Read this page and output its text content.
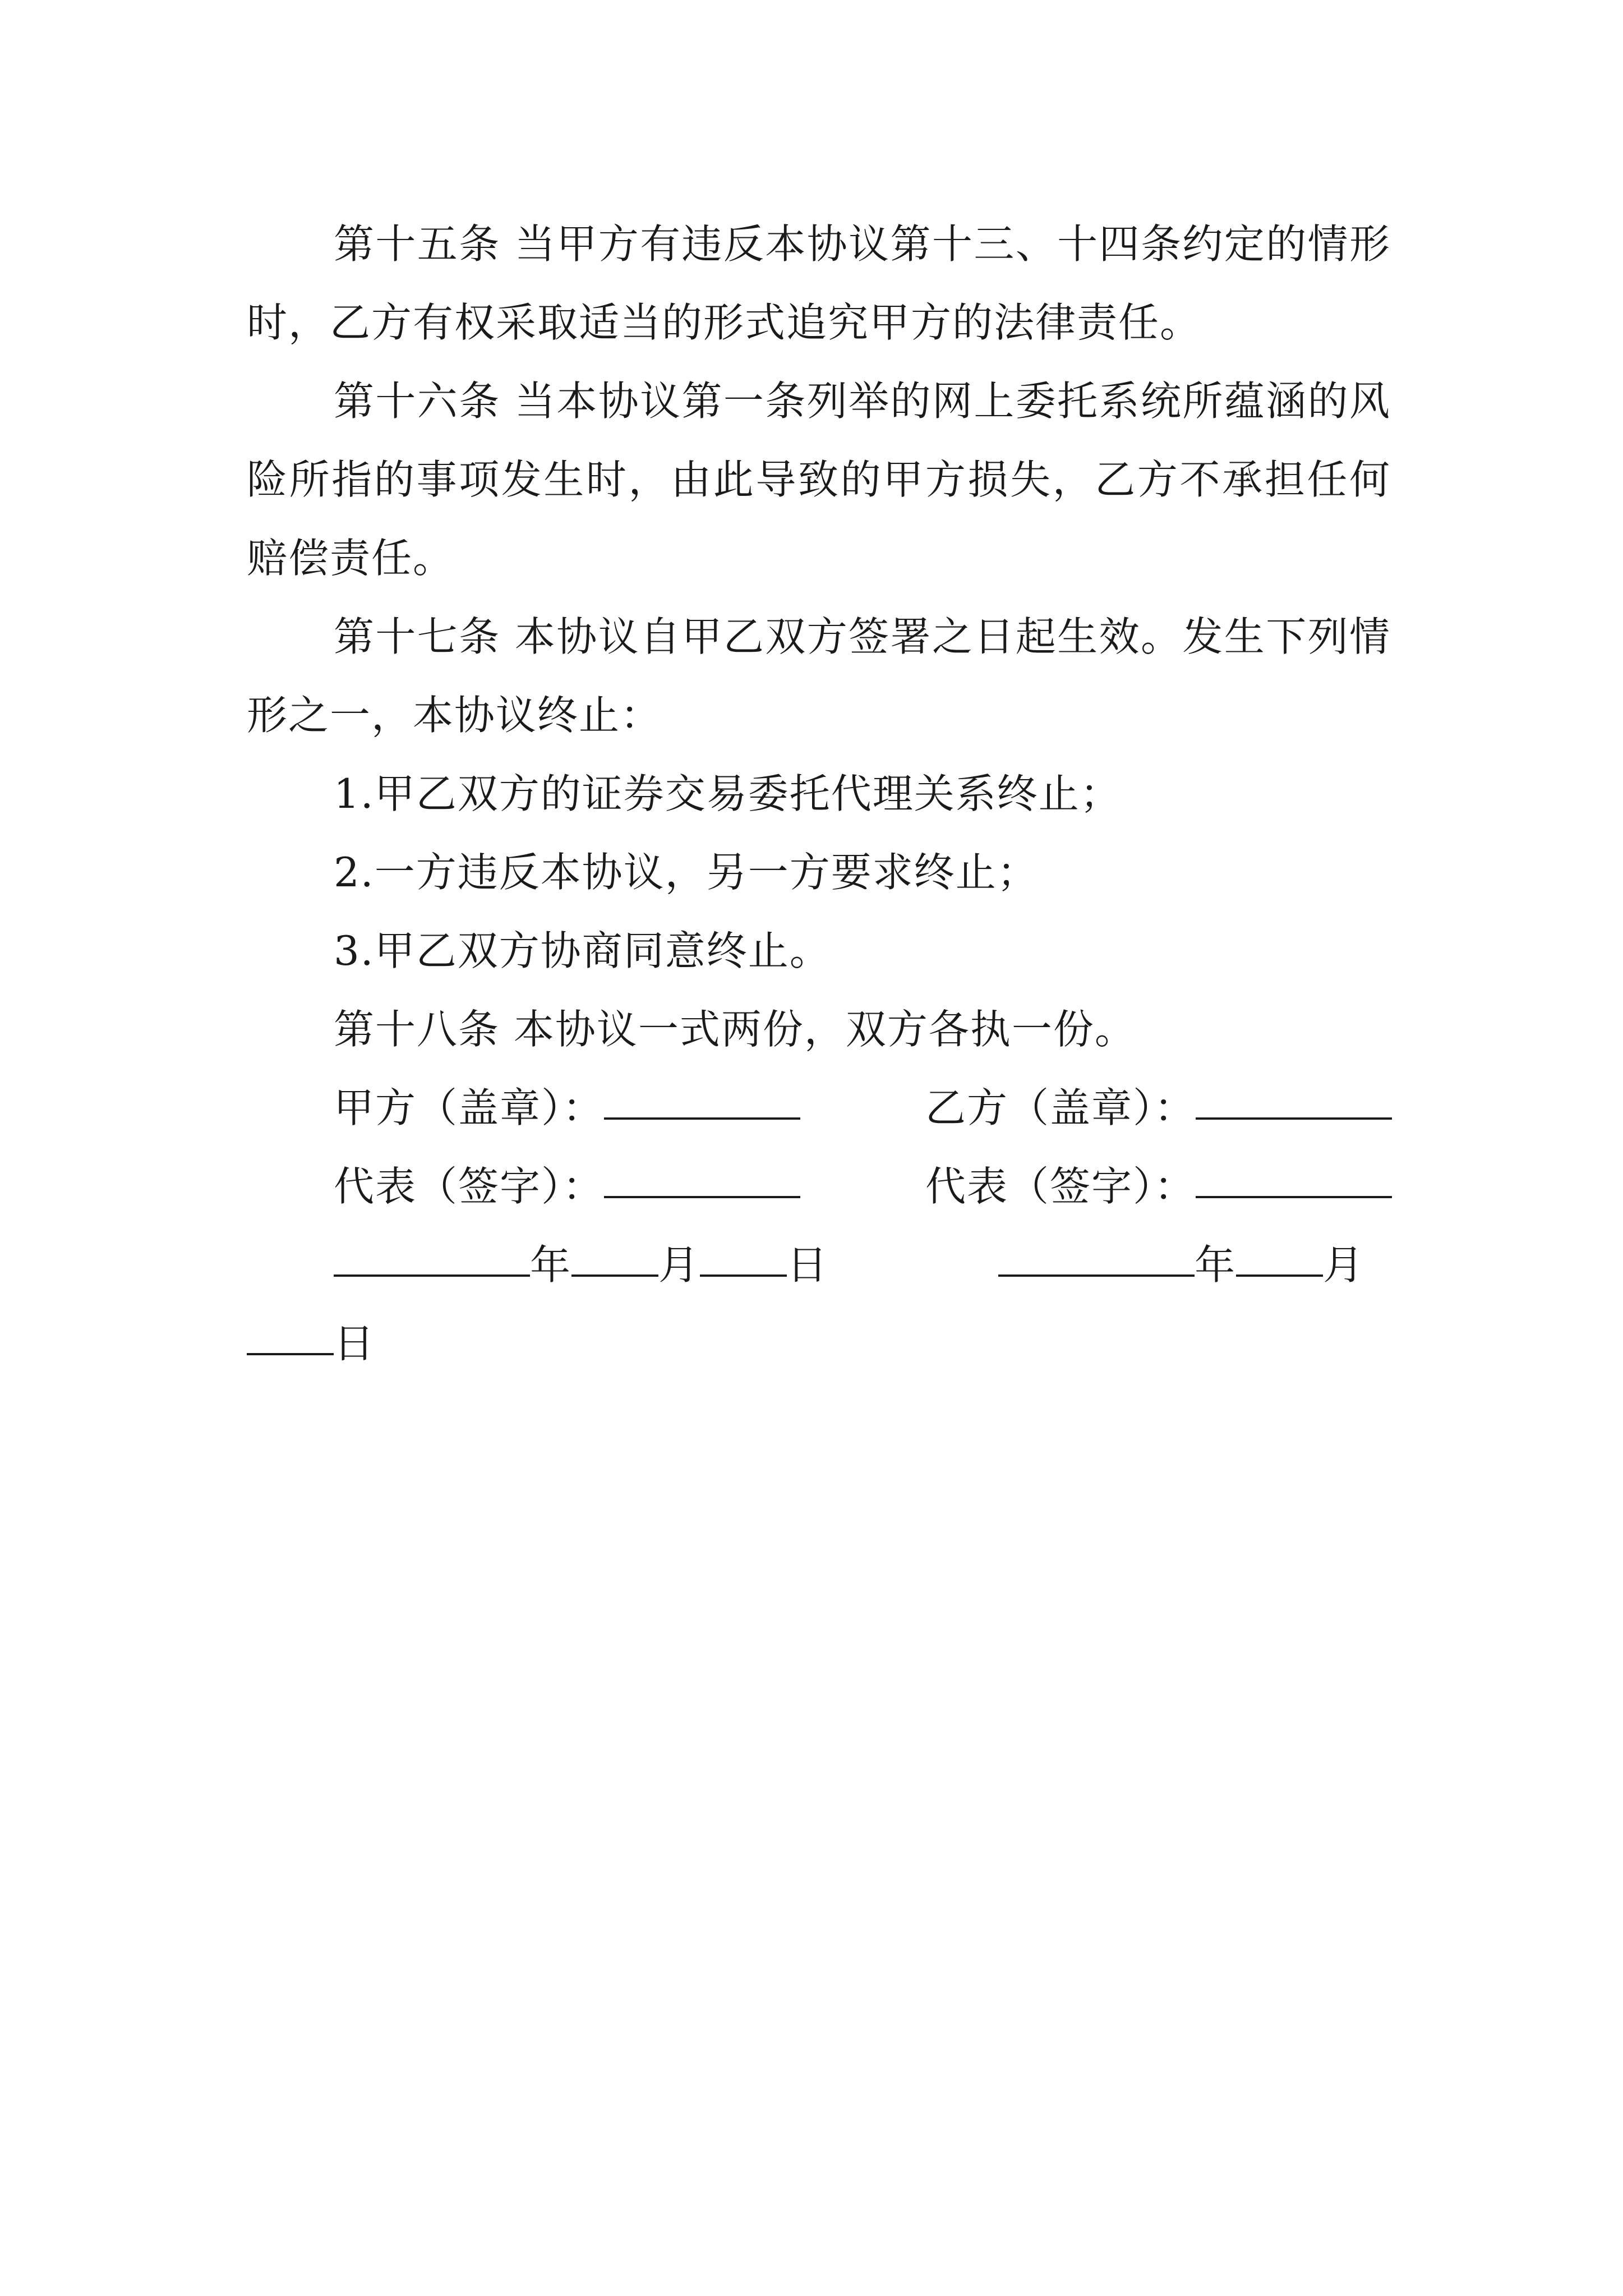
第十五条 当甲方有违反本协议第十三、十四条约定的情形时，乙方有权采取适当的形式追究甲方的法律责任。

第十六条 当本协议第一条列举的网上委托系统所蕴涵的风险所指的事项发生时，由此导致的甲方损失，乙方不承担任何赔偿责任。

第十七条 本协议自甲乙双方签署之日起生效。发生下列情形之一，本协议终止：

1.甲乙双方的证券交易委托代理关系终止；
2.一方违反本协议，另一方要求终止；
3.甲乙双方协商同意终止。
第十八条 本协议一式两份，双方各执一份。
甲方（盖章）：	乙方（盖章）：
代表（签字）：	代表（签字）：
年 月 日	年 月
日
